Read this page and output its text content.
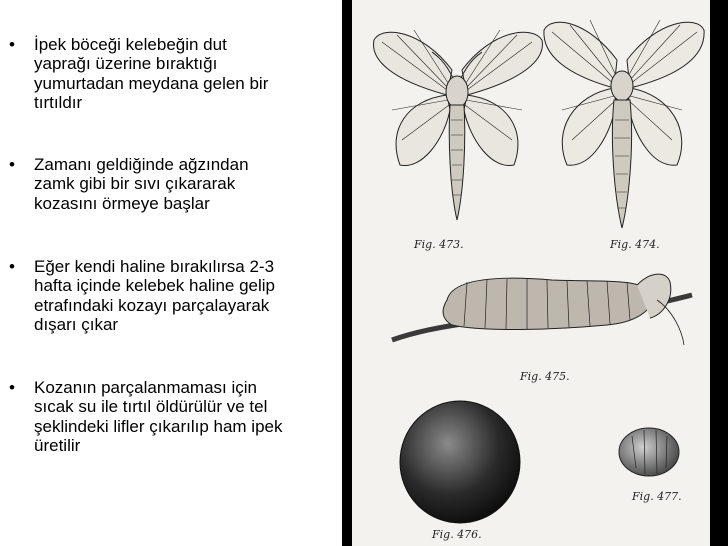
• İpek böceği kelebeğin dut
yaprağı üzerine bıraktığı
yumurtadan meydana gelen bir
tırtıldır
• Zamanı geldiğinde ağzından
zamk gibi bir sıvı çıkararak
kozasını örmeye başlar
• Eğer kendi haline bırakılırsa 2-3
hafta içinde kelebek haline gelip
etrafındaki kozayı parçalayarak
dışarı çıkar
• Kozanın parçalanmaması için
sıcak su ile tırtıl öldürülür ve tel
şeklindeki lifler çıkarılıp ham ipek
üretilir
Fig. 473.	Fig. 474.
Fig. 475.
Fig. 476.
Fig. 477.
